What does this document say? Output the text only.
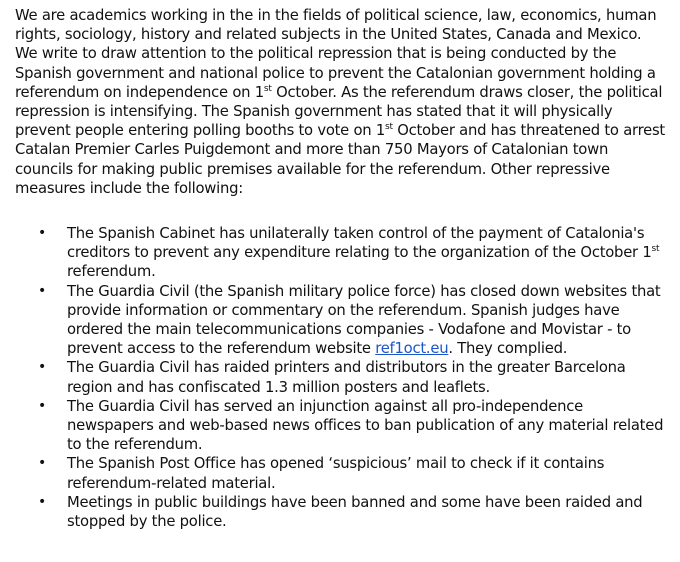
We are academics working in the in the fields of political science, law, economics, human rights, sociology, history and related subjects in the United States, Canada and Mexico. We write to draw attention to the political repression that is being conducted by the Spanish government and national police to prevent the Catalonian government holding a referendum on independence on 1st October. As the referendum draws closer, the political repression is intensifying. The Spanish government has stated that it will physically prevent people entering polling booths to vote on 1st October and has threatened to arrest Catalan Premier Carles Puigdemont and more than 750 Mayors of Catalonian town councils for making public premises available for the referendum. Other repressive measures include the following:

• The Spanish Cabinet has unilaterally taken control of the payment of Catalonia's creditors to prevent any expenditure relating to the organization of the October 1st referendum.
• The Guardia Civil (the Spanish military police force) has closed down websites that provide information or commentary on the referendum. Spanish judges have ordered the main telecommunications companies - Vodafone and Movistar - to prevent access to the referendum website ref1oct.eu. They complied.
• The Guardia Civil has raided printers and distributors in the greater Barcelona region and has confiscated 1.3 million posters and leaflets.
• The Guardia Civil has served an injunction against all pro-independence newspapers and web-based news offices to ban publication of any material related to the referendum.
• The Spanish Post Office has opened ‘suspicious’ mail to check if it contains referendum-related material.
• Meetings in public buildings have been banned and some have been raided and stopped by the police.
